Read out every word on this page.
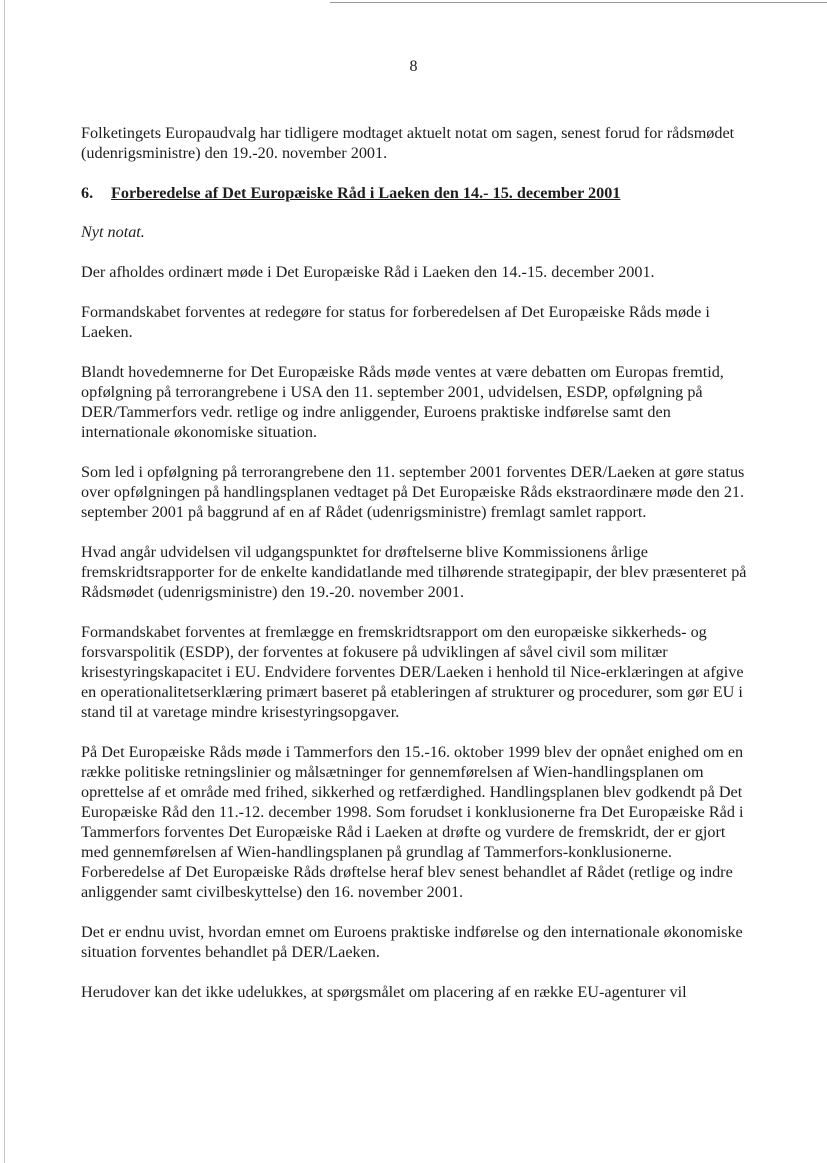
8

Folketingets Europaudvalg har tidligere modtaget aktuelt notat om sagen, senest forud for rådsmødet (udenrigsministre) den 19.-20. november 2001.

6. Forberedelse af Det Europæiske Råd i Laeken den 14.- 15. december 2001

Nyt notat.

Der afholdes ordinært møde i Det Europæiske Råd i Laeken den 14.-15. december 2001.

Formandskabet forventes at redegøre for status for forberedelsen af Det Europæiske Råds møde i Laeken.

Blandt hovedemnerne for Det Europæiske Råds møde ventes at være debatten om Europas fremtid, opfølgning på terrorangrebene i USA den 11. september 2001, udvidelsen, ESDP, opfølgning på DER/Tammerfors vedr. retlige og indre anliggender, Euroens praktiske indførelse samt den internationale økonomiske situation.

Som led i opfølgning på terrorangrebene den 11. september 2001 forventes DER/Laeken at gøre status over opfølgningen på handlingsplanen vedtaget på Det Europæiske Råds ekstraordinære møde den 21. september 2001 på baggrund af en af Rådet (udenrigsministre) fremlagt samlet rapport.

Hvad angår udvidelsen vil udgangspunktet for drøftelserne blive Kommissionens årlige fremskridtsrapporter for de enkelte kandidatlande med tilhørende strategipapir, der blev præsenteret på Rådsmødet (udenrigsministre) den 19.-20. november 2001.

Formandskabet forventes at fremlægge en fremskridtsrapport om den europæiske sikkerheds- og forsvarspolitik (ESDP), der forventes at fokusere på udviklingen af såvel civil som militær krisestyringskapacitet i EU. Endvidere forventes DER/Laeken i henhold til Nice-erklæringen at afgive en operationalitetserklæring primært baseret på etableringen af strukturer og procedurer, som gør EU i stand til at varetage mindre krisestyringsopgaver.

På Det Europæiske Råds møde i Tammerfors den 15.-16. oktober 1999 blev der opnået enighed om en række politiske retningslinier og målsætninger for gennemførelsen af Wien-handlingsplanen om oprettelse af et område med frihed, sikkerhed og retfærdighed. Handlingsplanen blev godkendt på Det Europæiske Råd den 11.-12. december 1998. Som forudset i konklusionerne fra Det Europæiske Råd i Tammerfors forventes Det Europæiske Råd i Laeken at drøfte og vurdere de fremskridt, der er gjort med gennemførelsen af Wien-handlingsplanen på grundlag af Tammerfors-konklusionerne. Forberedelse af Det Europæiske Råds drøftelse heraf blev senest behandlet af Rådet (retlige og indre anliggender samt civilbeskyttelse) den 16. november 2001.

Det er endnu uvist, hvordan emnet om Euroens praktiske indførelse og den internationale økonomiske situation forventes behandlet på DER/Laeken.

Herudover kan det ikke udelukkes, at spørgsmålet om placering af en række EU-agenturer vil
